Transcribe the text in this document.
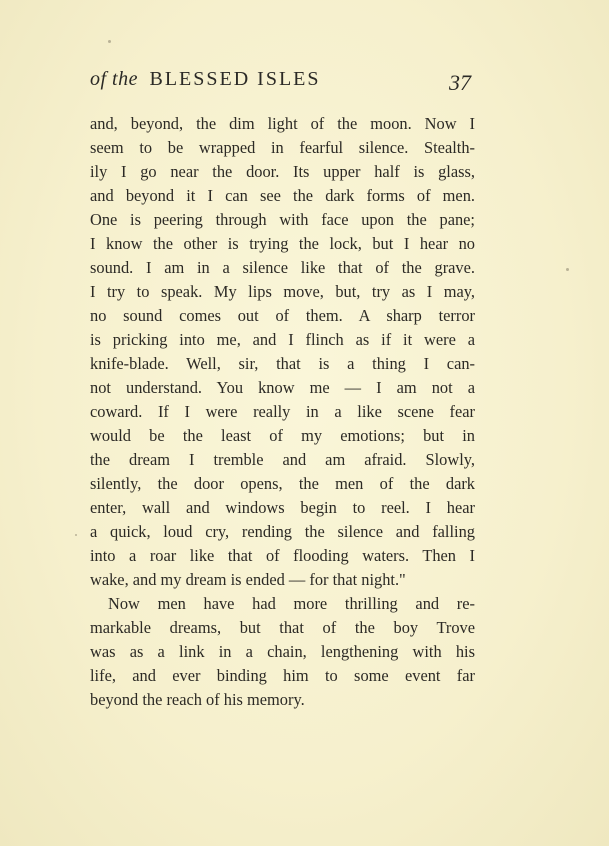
of the BLESSED ISLES	37
and, beyond, the dim light of the moon. Now I
seem to be wrapped in fearful silence. Stealth-
ily I go near the door. Its upper half is glass,
and beyond it I can see the dark forms of men.
One is peering through with face upon the pane;
I know the other is trying the lock, but I hear no
sound. I am in a silence like that of the grave.
I try to speak. My lips move, but, try as I may,
no sound comes out of them. A sharp terror
is pricking into me, and I flinch as if it were a
knife-blade. Well, sir, that is a thing I can-
not understand. You know me — I am not a
coward. If I were really in a like scene fear
would be the least of my emotions; but in
the dream I tremble and am afraid. Slowly,
silently, the door opens, the men of the dark
enter, wall and windows begin to reel. I hear
a quick, loud cry, rending the silence and falling
into a roar like that of flooding waters. Then I
wake, and my dream is ended — for that night."
Now men have had more thrilling and re-
markable dreams, but that of the boy Trove
was as a link in a chain, lengthening with his
life, and ever binding him to some event far
beyond the reach of his memory.
